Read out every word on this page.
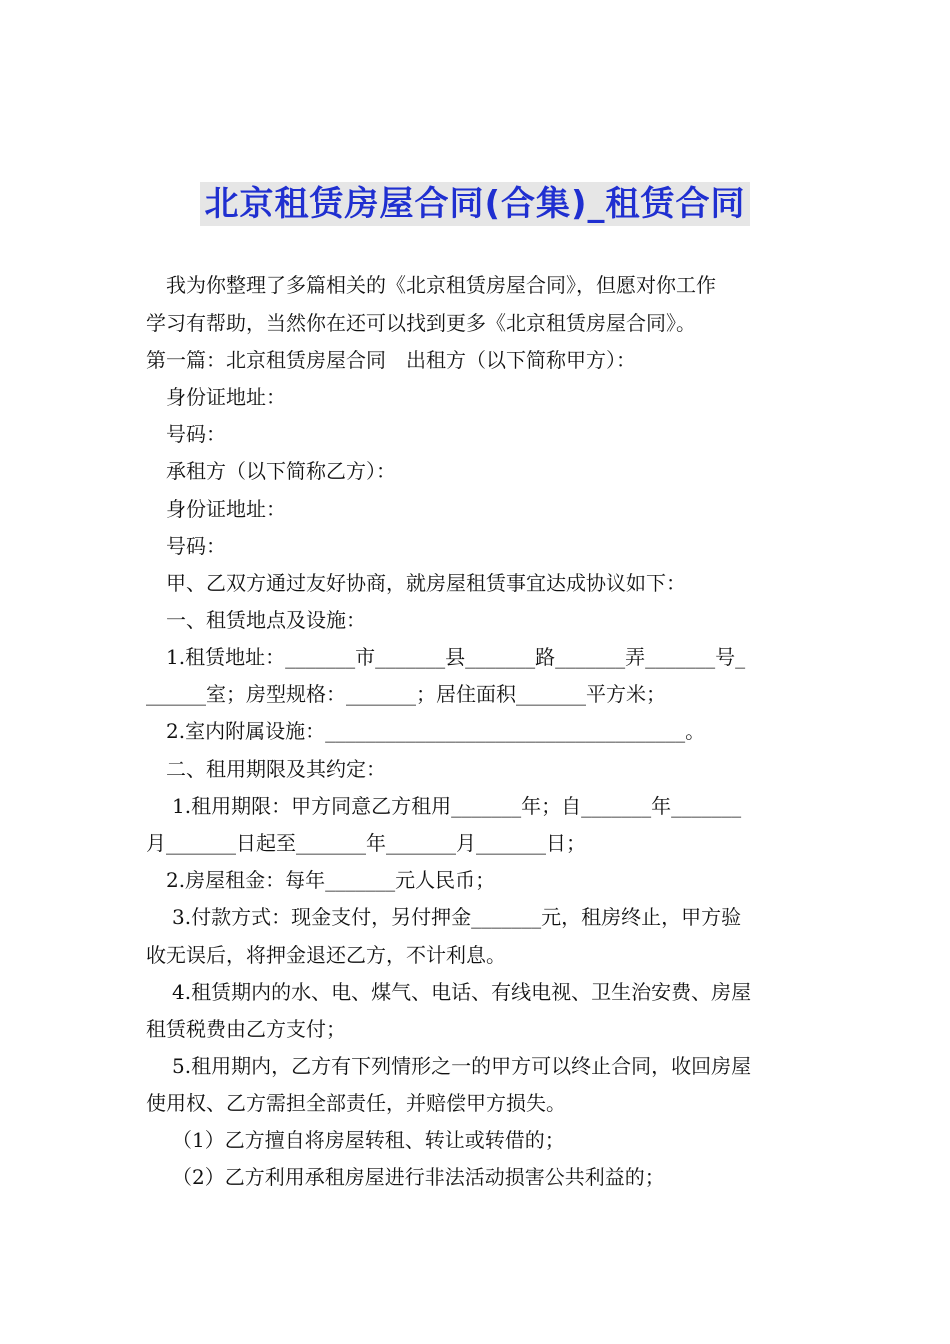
北京租赁房屋合同(合集)_租赁合同
我为你整理了多篇相关的《北京租赁房屋合同》，但愿对你工作
学习有帮助，当然你在还可以找到更多《北京租赁房屋合同》。
第一篇：北京租赁房屋合同　出租方（以下简称甲方）：
身份证地址：
号码：
承租方（以下简称乙方）：
身份证地址：
号码：
甲、乙双方通过友好协商，就房屋租赁事宜达成协议如下：
一、租赁地点及设施：
1.租赁地址：_______市_______县_______路_______弄_______号_
______室；房型规格：_______；居住面积_______平方米；
2.室内附属设施：____________________________________。
二、租用期限及其约定：
1.租用期限：甲方同意乙方租用_______年；自_______年_______
月_______日起至_______年_______月_______日；
2.房屋租金：每年_______元人民币；
3.付款方式：现金支付，另付押金_______元，租房终止，甲方验
收无误后，将押金退还乙方，不计利息。
4.租赁期内的水、电、煤气、电话、有线电视、卫生治安费、房屋
租赁税费由乙方支付；
5.租用期内，乙方有下列情形之一的甲方可以终止合同，收回房屋
使用权、乙方需担全部责任，并赔偿甲方损失。
（1）乙方擅自将房屋转租、转让或转借的；
（2）乙方利用承租房屋进行非法活动损害公共利益的；
